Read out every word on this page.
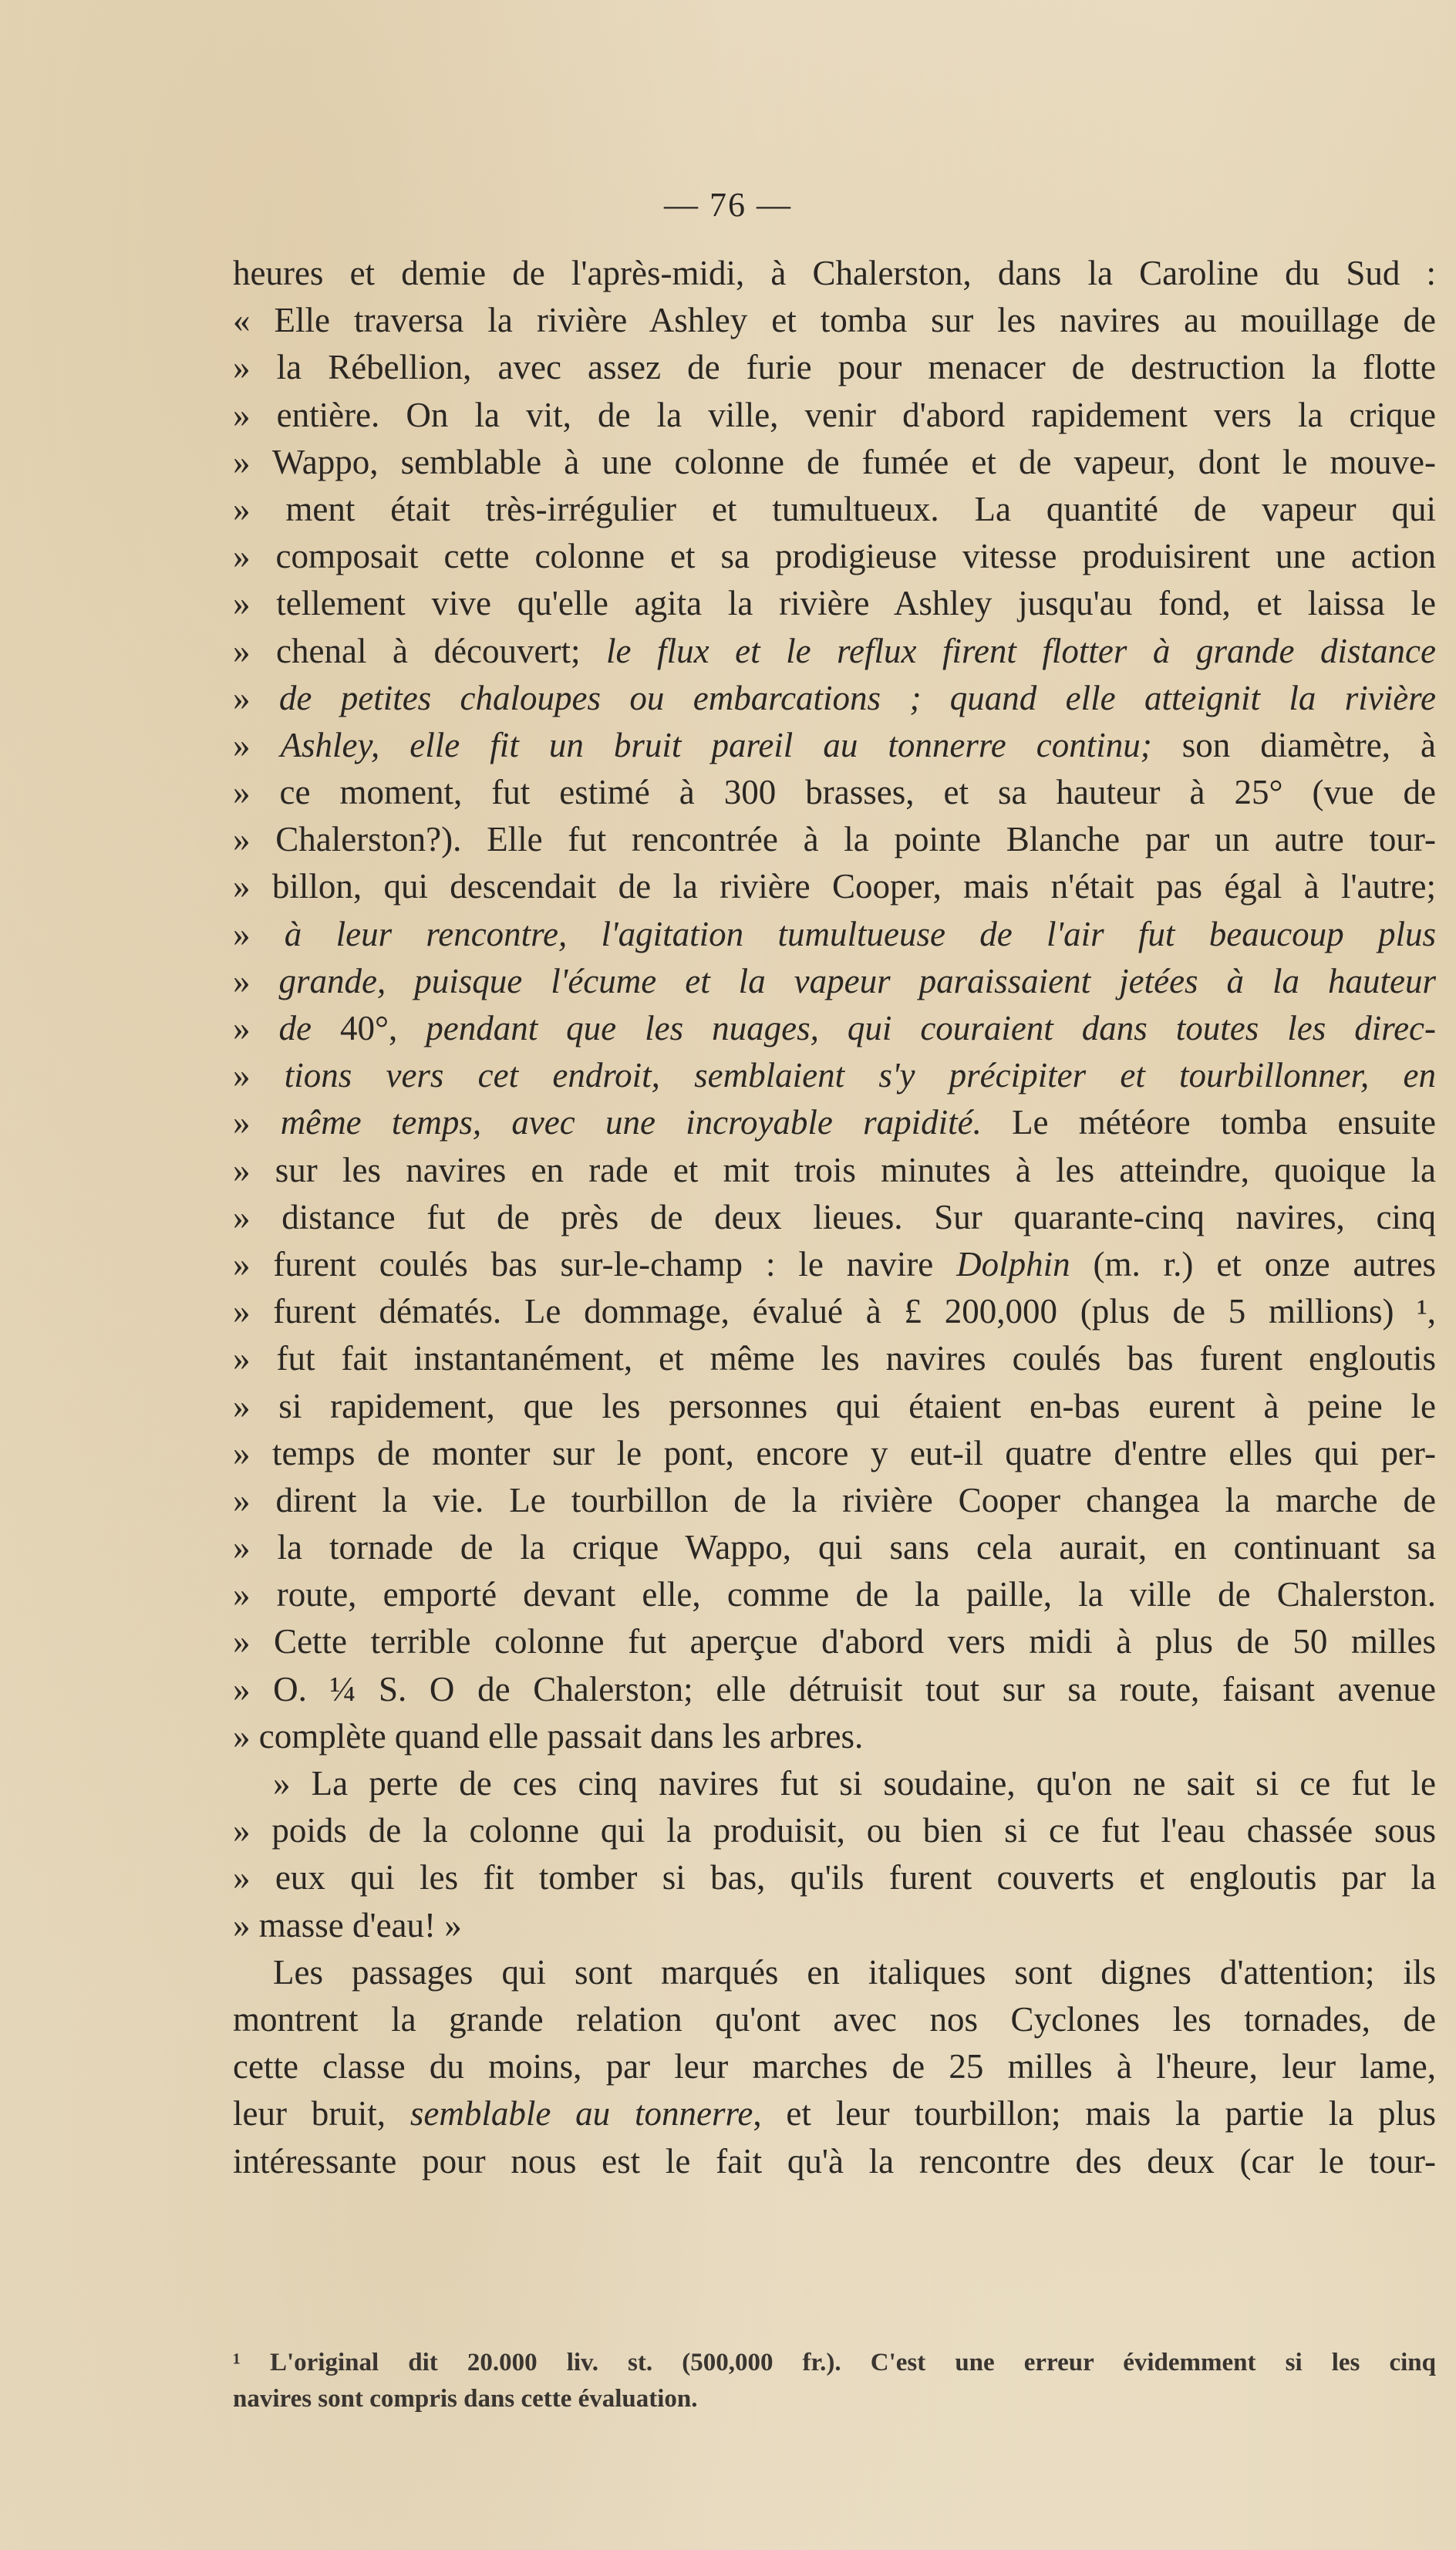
— 76 —
heures et demie de l'après-midi, à Chalerston, dans la Caroline du Sud :
« Elle traversa la rivière Ashley et tomba sur les navires au mouillage de
» la Rébellion, avec assez de furie pour menacer de destruction la flotte
» entière. On la vit, de la ville, venir d'abord rapidement vers la crique
» Wappo, semblable à une colonne de fumée et de vapeur, dont le mouve-
» ment était très-irrégulier et tumultueux. La quantité de vapeur qui
» composait cette colonne et sa prodigieuse vitesse produisirent une action
» tellement vive qu'elle agita la rivière Ashley jusqu'au fond, et laissa le
» chenal à découvert; le flux et le reflux firent flotter à grande distance
» de petites chaloupes ou embarcations ; quand elle atteignit la rivière
» Ashley, elle fit un bruit pareil au tonnerre continu; son diamètre, à
» ce moment, fut estimé à 300 brasses, et sa hauteur à 25° (vue de
» Chalerston?). Elle fut rencontrée à la pointe Blanche par un autre tour-
» billon, qui descendait de la rivière Cooper, mais n'était pas égal à l'autre;
» à leur rencontre, l'agitation tumultueuse de l'air fut beaucoup plus
» grande, puisque l'écume et la vapeur paraissaient jetées à la hauteur
» de 40°, pendant que les nuages, qui couraient dans toutes les direc-
» tions vers cet endroit, semblaient s'y précipiter et tourbillonner, en
» même temps, avec une incroyable rapidité. Le météore tomba ensuite
» sur les navires en rade et mit trois minutes à les atteindre, quoique la
» distance fut de près de deux lieues. Sur quarante-cinq navires, cinq
» furent coulés bas sur-le-champ : le navire Dolphin (m. r.) et onze autres
» furent dématés. Le dommage, évalué à £ 200,000 (plus de 5 millions) ¹,
» fut fait instantanément, et même les navires coulés bas furent engloutis
» si rapidement, que les personnes qui étaient en-bas eurent à peine le
» temps de monter sur le pont, encore y eut-il quatre d'entre elles qui per-
» dirent la vie. Le tourbillon de la rivière Cooper changea la marche de
» la tornade de la crique Wappo, qui sans cela aurait, en continuant sa
» route, emporté devant elle, comme de la paille, la ville de Chalerston.
» Cette terrible colonne fut aperçue d'abord vers midi à plus de 50 milles
» O. ¼ S. O de Chalerston; elle détruisit tout sur sa route, faisant avenue
» complète quand elle passait dans les arbres.
» La perte de ces cinq navires fut si soudaine, qu'on ne sait si ce fut le
» poids de la colonne qui la produisit, ou bien si ce fut l'eau chassée sous
» eux qui les fit tomber si bas, qu'ils furent couverts et engloutis par la
» masse d'eau! »
Les passages qui sont marqués en italiques sont dignes d'attention; ils
montrent la grande relation qu'ont avec nos Cyclones les tornades, de
cette classe du moins, par leur marches de 25 milles à l'heure, leur lame,
leur bruit, semblable au tonnerre, et leur tourbillon; mais la partie la plus
intéressante pour nous est le fait qu'à la rencontre des deux (car le tour-
¹ L'original dit 20.000 liv. st. (500,000 fr.). C'est une erreur évidemment si les cinq
navires sont compris dans cette évaluation.
